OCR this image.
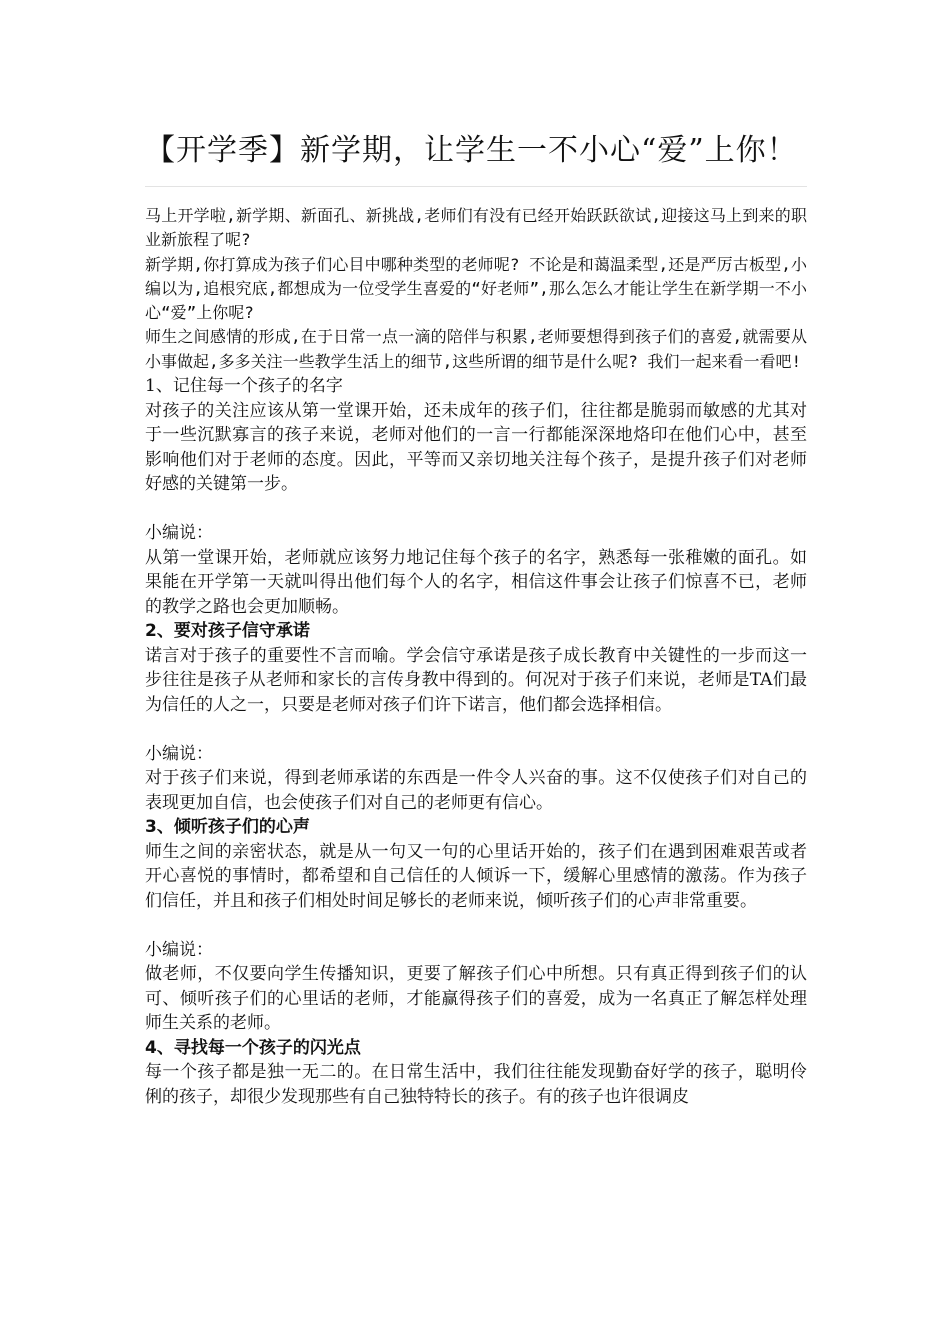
【开学季】新学期，让学生一不小心“爱”上你！

马上开学啦,新学期、新面孔、新挑战,老师们有没有已经开始跃跃欲试,迎接这马上到来的职业新旅程了呢?

新学期,你打算成为孩子们心目中哪种类型的老师呢? 不论是和蔼温柔型,还是严厉古板型,小编以为,追根究底,都想成为一位受学生喜爱的“好老师”,那么怎么才能让学生在新学期一不小心“爱”上你呢?

师生之间感情的形成,在于日常一点一滴的陪伴与积累,老师要想得到孩子们的喜爱,就需要从小事做起,多多关注一些教学生活上的细节,这些所谓的细节是什么呢? 我们一起来看一看吧!

1、记住每一个孩子的名字

对孩子的关注应该从第一堂课开始，还未成年的孩子们，往往都是脆弱而敏感的尤其对于一些沉默寡言的孩子来说，老师对他们的一言一行都能深深地烙印在他们心中，甚至影响他们对于老师的态度。因此，平等而又亲切地关注每个孩子，是提升孩子们对老师好感的关键第一步。

小编说：

从第一堂课开始，老师就应该努力地记住每个孩子的名字，熟悉每一张稚嫩的面孔。如果能在开学第一天就叫得出他们每个人的名字，相信这件事会让孩子们惊喜不已，老师的教学之路也会更加顺畅。

2、要对孩子信守承诺

诺言对于孩子的重要性不言而喻。学会信守承诺是孩子成长教育中关键性的一步而这一步往往是孩子从老师和家长的言传身教中得到的。何况对于孩子们来说，老师是TA们最为信任的人之一，只要是老师对孩子们许下诺言，他们都会选择相信。

小编说：

对于孩子们来说，得到老师承诺的东西是一件令人兴奋的事。这不仅使孩子们对自己的表现更加自信，也会使孩子们对自己的老师更有信心。

3、倾听孩子们的心声

师生之间的亲密状态，就是从一句又一句的心里话开始的，孩子们在遇到困难艰苦或者开心喜悦的事情时，都希望和自己信任的人倾诉一下，缓解心里感情的激荡。作为孩子们信任，并且和孩子们相处时间足够长的老师来说，倾听孩子们的心声非常重要。

小编说：

做老师，不仅要向学生传播知识，更要了解孩子们心中所想。只有真正得到孩子们的认可、倾听孩子们的心里话的老师，才能赢得孩子们的喜爱，成为一名真正了解怎样处理师生关系的老师。

4、寻找每一个孩子的闪光点

每一个孩子都是独一无二的。在日常生活中，我们往往能发现勤奋好学的孩子，聪明伶俐的孩子，却很少发现那些有自己独特特长的孩子。有的孩子也许很调皮
